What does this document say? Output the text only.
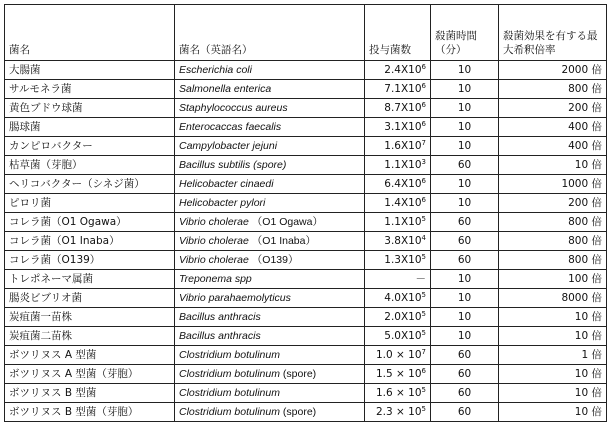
菌名	菌名（英語名）	投与菌数	殺菌時間（分）	殺菌効果を有する最大希釈倍率
大腸菌	Escherichia coli	$2.4X10^6$	10	2000 倍
サルモネラ菌	Salmonella enterica	$7.1X10^6$	10	800 倍
黄色ブドウ球菌	Staphylococcus aureus	$8.7X10^6$	10	200 倍
腸球菌	Enterocaccas faecalis	$3.1X10^6$	10	400 倍
カンピロバクター	Campylobacter jejuni	$1.6X10^7$	10	400 倍
枯草菌（芽胞）	Bacillus subtilis (spore)	$1.1X10^3$	60	10 倍
ヘリコバクター（シネジ菌）	Helicobacter cinaedi	$6.4X10^6$	10	1000 倍
ピロリ菌	Helicobacter pylori	$1.4X10^6$	10	200 倍
コレラ菌（O1 Ogawa）	Vibrio cholerae （O1 Ogawa）	$1.1X10^5$	60	800 倍
コレラ菌（O1 Inaba）	Vibrio cholerae （O1 Inaba）	$3.8X10^4$	60	800 倍
コレラ菌（O139）	Vibrio cholerae （O139）	$1.3X10^5$	60	800 倍
トレポネーマ属菌	Treponema spp	－	10	100 倍
腸炎ビブリオ菌	Vibrio parahaemolyticus	$4.0X10^5$	10	8000 倍
炭疽菌一苗株	Bacillus anthracis	$2.0X10^5$	10	10 倍
炭疽菌二苗株	Bacillus anthracis	$5.0X10^5$	10	10 倍
ボツリヌス A 型菌	Clostridium botulinum	$1.0 \times 10^7$	60	1 倍
ボツリヌス A 型菌（芽胞）	Clostridium botulinum (spore)	$1.5 \times 10^6$	60	10 倍
ボツリヌス B 型菌	Clostridium botulinum	$1.6 \times 10^5$	60	10 倍
ボツリヌス B 型菌（芽胞）	Clostridium botulinum (spore)	$2.3 \times 10^5$	60	10 倍
